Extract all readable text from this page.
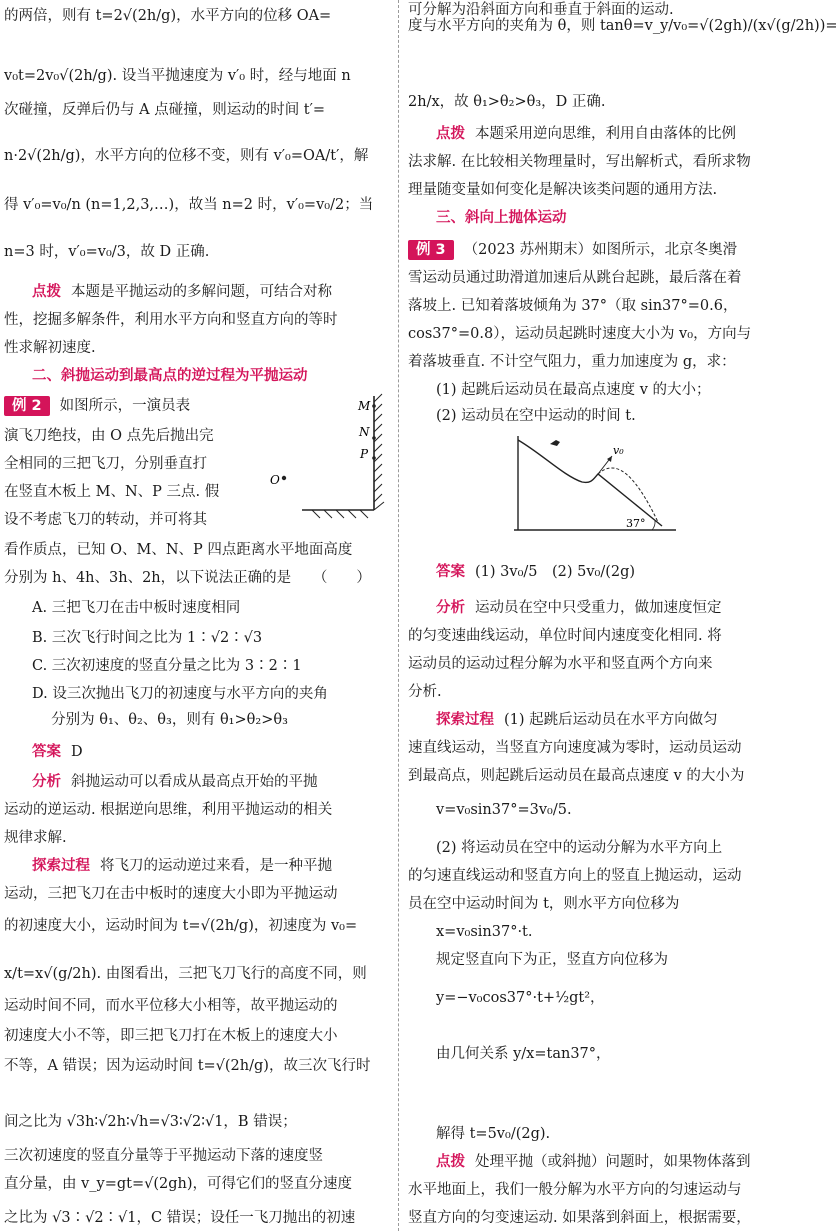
的两倍，则有 t=2√(2h/g)，水平方向的位移 OA=
v₀t=2v₀√(2h/g). 设当平抛速度为 v′₀ 时，经与地面 n
次碰撞，反弹后仍与 A 点碰撞，则运动的时间 t′=
n·2√(2h/g)，水平方向的位移不变，则有 v′₀=OA/t′，解
得 v′₀=v₀/n (n=1,2,3,…)，故当 n=2 时，v′₀=v₀/2；当
n=3 时，v′₀=v₀/3，故 D 正确.
点拨 本题是平抛运动的多解问题，可结合对称
性，挖掘多解条件，利用水平方向和竖直方向的等时
性求解初速度.
二、斜抛运动到最高点的逆过程为平抛运动
例 2 如图所示，一演员表
演飞刀绝技，由 O 点先后抛出完
全相同的三把飞刀，分别垂直打
在竖直木板上 M、N、P 三点. 假
设不考虑飞刀的转动，并可将其
看作质点，已知 O、M、N、P 四点距离水平地面高度
分别为 h、4h、3h、2h，以下说法正确的是　　（　　）
A. 三把飞刀在击中板时速度相同
B. 三次飞行时间之比为 1∶√2∶√3
C. 三次初速度的竖直分量之比为 3∶2∶1
D. 设三次抛出飞刀的初速度与水平方向的夹角
　 分别为 θ₁、θ₂、θ₃，则有 θ₁>θ₂>θ₃
答案 D
分析 斜抛运动可以看成从最高点开始的平抛
运动的逆运动. 根据逆向思维，利用平抛运动的相关
规律求解.
探索过程 将飞刀的运动逆过来看，是一种平抛
运动，三把飞刀在击中板时的速度大小即为平抛运动
的初速度大小，运动时间为 t=√(2h/g)，初速度为 v₀=
x/t=x√(g/2h). 由图看出，三把飞刀飞行的高度不同，则
运动时间不同，而水平位移大小相等，故平抛运动的
初速度大小不等，即三把飞刀打在木板上的速度大小
不等，A 错误；因为运动时间 t=√(2h/g)，故三次飞行时
间之比为 √3h∶√2h∶√h=√3∶√2∶√1，B 错误；
三次初速度的竖直分量等于平抛运动下落的速度竖
直分量，由 v_y=gt=√(2gh)，可得它们的竖直分速度
之比为 √3∶√2∶√1，C 错误；设任一飞刀抛出的初速
度与水平方向的夹角为 θ，则 tanθ=v_y/v₀=√(2gh)/(x√(g/2h))=
2h/x，故 θ₁>θ₂>θ₃，D 正确.
点拨 本题采用逆向思维，利用自由落体的比例
法求解. 在比较相关物理量时，写出解析式，看所求物
理量随变量如何变化是解决该类问题的通用方法.
三、斜向上抛体运动
例 3 （2023 苏州期末）如图所示，北京冬奥滑
雪运动员通过助滑道加速后从跳台起跳，最后落在着
落坡上. 已知着落坡倾角为 37°（取 sin37°=0.6，
cos37°=0.8），运动员起跳时速度大小为 v₀，方向与
着落坡垂直. 不计空气阻力，重力加速度为 g，求：
(1) 起跳后运动员在最高点速度 v 的大小；
(2) 运动员在空中运动的时间 t.
答案 (1) 3v₀/5　(2) 5v₀/(2g)
分析 运动员在空中只受重力，做加速度恒定
的匀变速曲线运动，单位时间内速度变化相同. 将
运动员的运动过程分解为水平和竖直两个方向来
分析.
探索过程 (1) 起跳后运动员在水平方向做匀
速直线运动，当竖直方向速度减为零时，运动员运动
到最高点，则起跳后运动员在最高点速度 v 的大小为
v=v₀sin37°=3v₀/5.
(2) 将运动员在空中的运动分解为水平方向上
的匀速直线运动和竖直方向上的竖直上抛运动，运动
员在空中运动时间为 t，则水平方向位移为
x=v₀sin37°·t.
规定竖直向下为正，竖直方向位移为
y=−v₀cos37°·t+½gt²，
由几何关系 y/x=tan37°，
解得 t=5v₀/(2g).
点拨 处理平抛（或斜抛）问题时，如果物体落到
水平地面上，我们一般分解为水平方向的匀速运动与
竖直方向的匀变速运动. 如果落到斜面上，根据需要，
可分解为沿斜面方向和垂直于斜面的运动.
M
N
P
O
v₀
37°
